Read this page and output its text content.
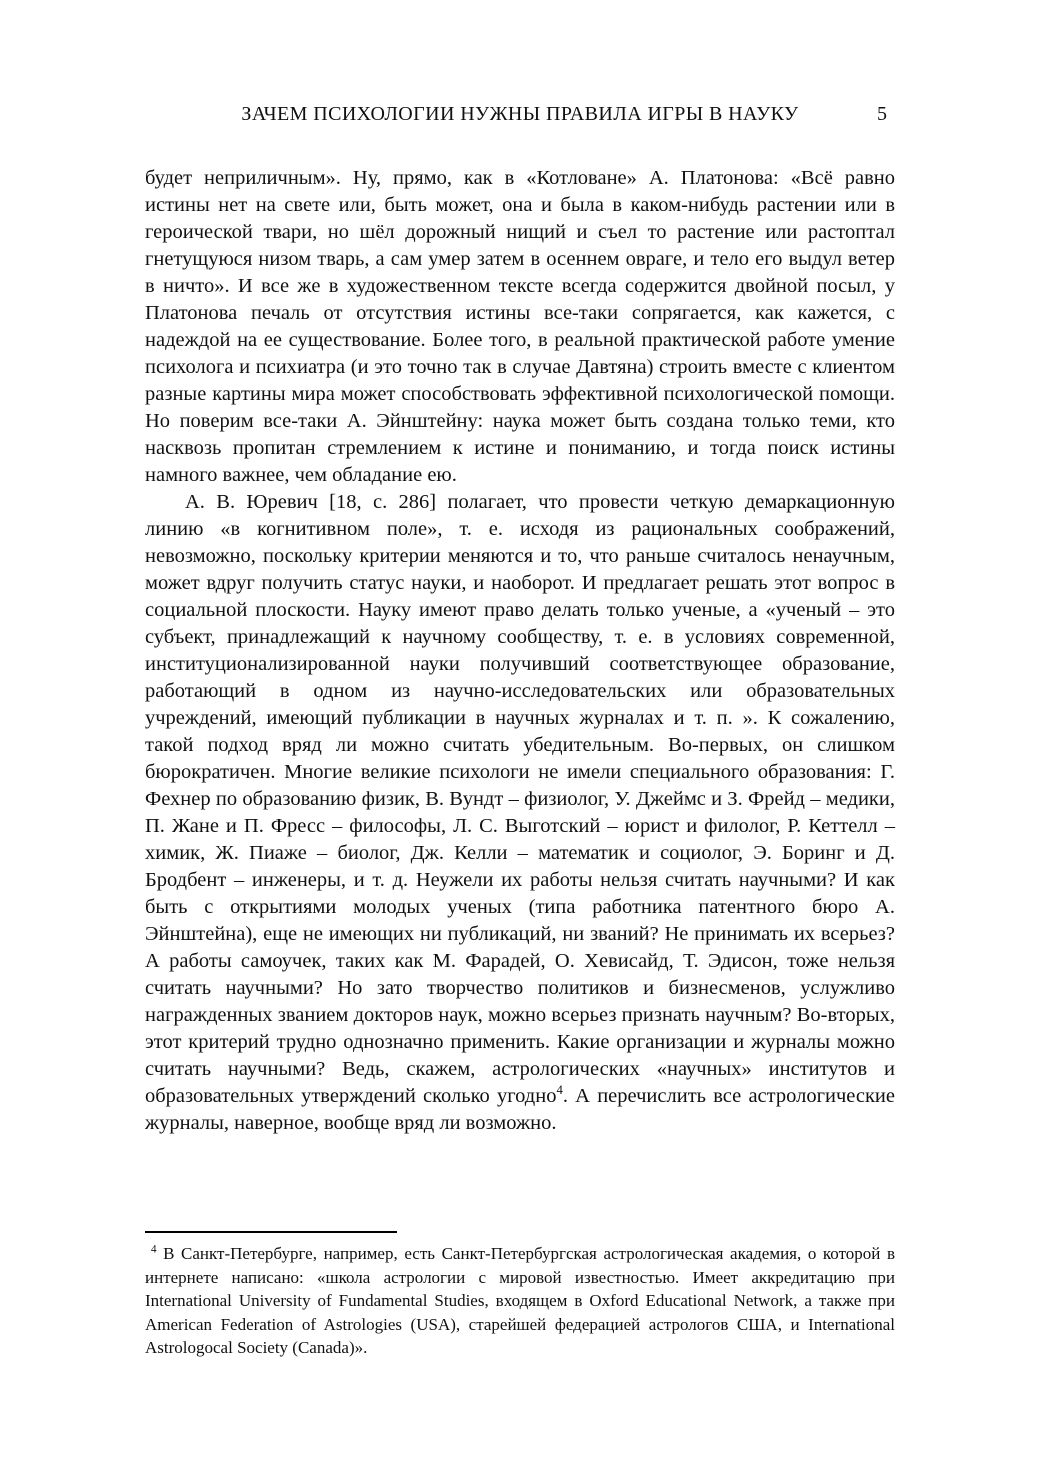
ЗАЧЕМ ПСИХОЛОГИИ НУЖНЫ ПРАВИЛА ИГРЫ В НАУКУ	5

будет неприличным». Ну, прямо, как в «Котловане» А. Платонова: «Всё равно истины нет на свете или, быть может, она и была в каком-нибудь растении или в героической твари, но шёл дорожный нищий и съел то растение или растоптал гнетущуюся низом тварь, а сам умер затем в осеннем овраге, и тело его выдул ветер в ничто». И все же в художественном тексте всегда содержится двойной посыл, у Платонова печаль от отсутствия истины все-таки сопрягается, как кажется, с надеждой на ее существование. Более того, в реальной практической работе умение психолога и психиатра (и это точно так в случае Давтяна) строить вместе с клиентом разные картины мира может способствовать эффективной психологической помощи. Но поверим все-таки А. Эйнштейну: наука может быть создана только теми, кто насквозь пропитан стремлением к истине и пониманию, и тогда поиск истины намного важнее, чем обладание ею.

А. В. Юревич [18, с. 286] полагает, что провести четкую демаркационную линию «в когнитивном поле», т. е. исходя из рациональных соображений, невозможно, поскольку критерии меняются и то, что раньше считалось ненаучным, может вдруг получить статус науки, и наоборот. И предлагает решать этот вопрос в социальной плоскости. Науку имеют право делать только ученые, а «ученый – это субъект, принадлежащий к научному сообществу, т. е. в условиях современной, институционализированной науки получивший соответствующее образование, работающий в одном из научно-исследовательских или образовательных учреждений, имеющий публикации в научных журналах и т. п. ». К сожалению, такой подход вряд ли можно считать убедительным. Во-первых, он слишком бюрократичен. Многие великие психологи не имели специального образования: Г. Фехнер по образованию физик, В. Вундт – физиолог, У. Джеймс и З. Фрейд – медики, П. Жане и П. Фресс – философы, Л. С. Выготский – юрист и филолог, Р. Кеттелл – химик, Ж. Пиаже – биолог, Дж. Келли – математик и социолог, Э. Боринг и Д. Бродбент – инженеры, и т. д. Неужели их работы нельзя считать научными? И как быть с открытиями молодых ученых (типа работника патентного бюро А. Эйнштейна), еще не имеющих ни публикаций, ни званий? Не принимать их всерьез? А работы самоучек, таких как М. Фарадей, О. Хевисайд, Т. Эдисон, тоже нельзя считать научными? Но зато творчество политиков и бизнесменов, услужливо награжденных званием докторов наук, можно всерьез признать научным? Во-вторых, этот критерий трудно однозначно применить. Какие организации и журналы можно считать научными? Ведь, скажем, астрологических «научных» институтов и образовательных утверждений сколько угодно$^4$. А перечислить все астрологические журналы, наверное, вообще вряд ли возможно.

$^4$ В Санкт-Петербурге, например, есть Санкт-Петербургская астрологическая академия, о которой в интернете написано: «школа астрологии с мировой известностью. Имеет аккредитацию при International University of Fundamental Studies, входящем в Oxford Educational Network, а также при American Federation of Astrologies (USA), старейшей федерацией астрологов США, и International Astrologocal Society (Canada)».
